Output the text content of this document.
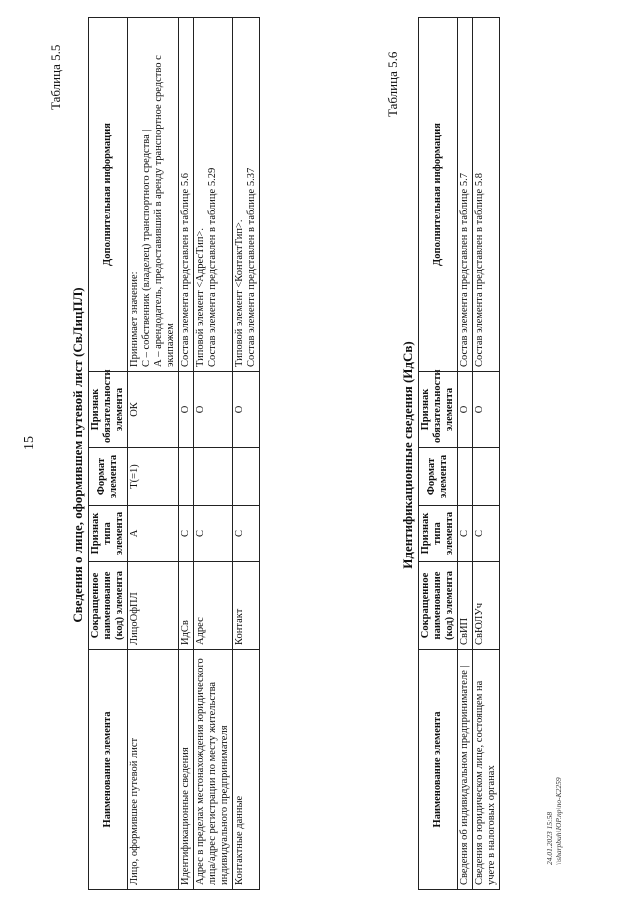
15
Таблица 5.5
Сведения о лице, оформившем путевой лист (СвЛицПЛ)
Наименование элемента	Сокращенное наименование (код) элемента	Признак типа элемента	Формат элемента	Признак обязательности элемента	Дополнительная информация
Лицо, оформившее путевой лист	ЛицоОфПЛ	А	Т(=1)	ОК	Принимает значение: С – собственник (владелец) транспортного средства | А – арендодатель, предоставивший в аренду транспортное средство с экипажем

Идентификационные сведения	ИдСв	С		О	Состав элемента представлен в таблице 5.6

Адрес в пределах местонахождения юридического лица/адрес регистрации по месту жительства индивидуального предпринимателя	Адрес	С		О	Типовой элемент <АдресТип>. Состав элемента представлен в таблице 5.29

Контактные данные	Контакт	С		О	Типовой элемент <КонтактТип>. Состав элемента представлен в таблице 5.37
Таблица 5.6
Идентификационные сведения (ИдСв)
Наименование элемента	Сокращенное наименование (код) элемента	Признак типа элемента	Формат элемента	Признак обязательности элемента	Дополнительная информация
Сведения об индивидуальном предпринимателе |	СвИП	С		О	Состав элемента представлен в таблице 5.7
Сведения о юридическом лице, состоящем на учете в налоговых органах	СвЮЛУч	С		О	Состав элемента представлен в таблице 5.8
24.01.2023 15:58 \\sharpbuh\ЮР.пр\no-К2259
